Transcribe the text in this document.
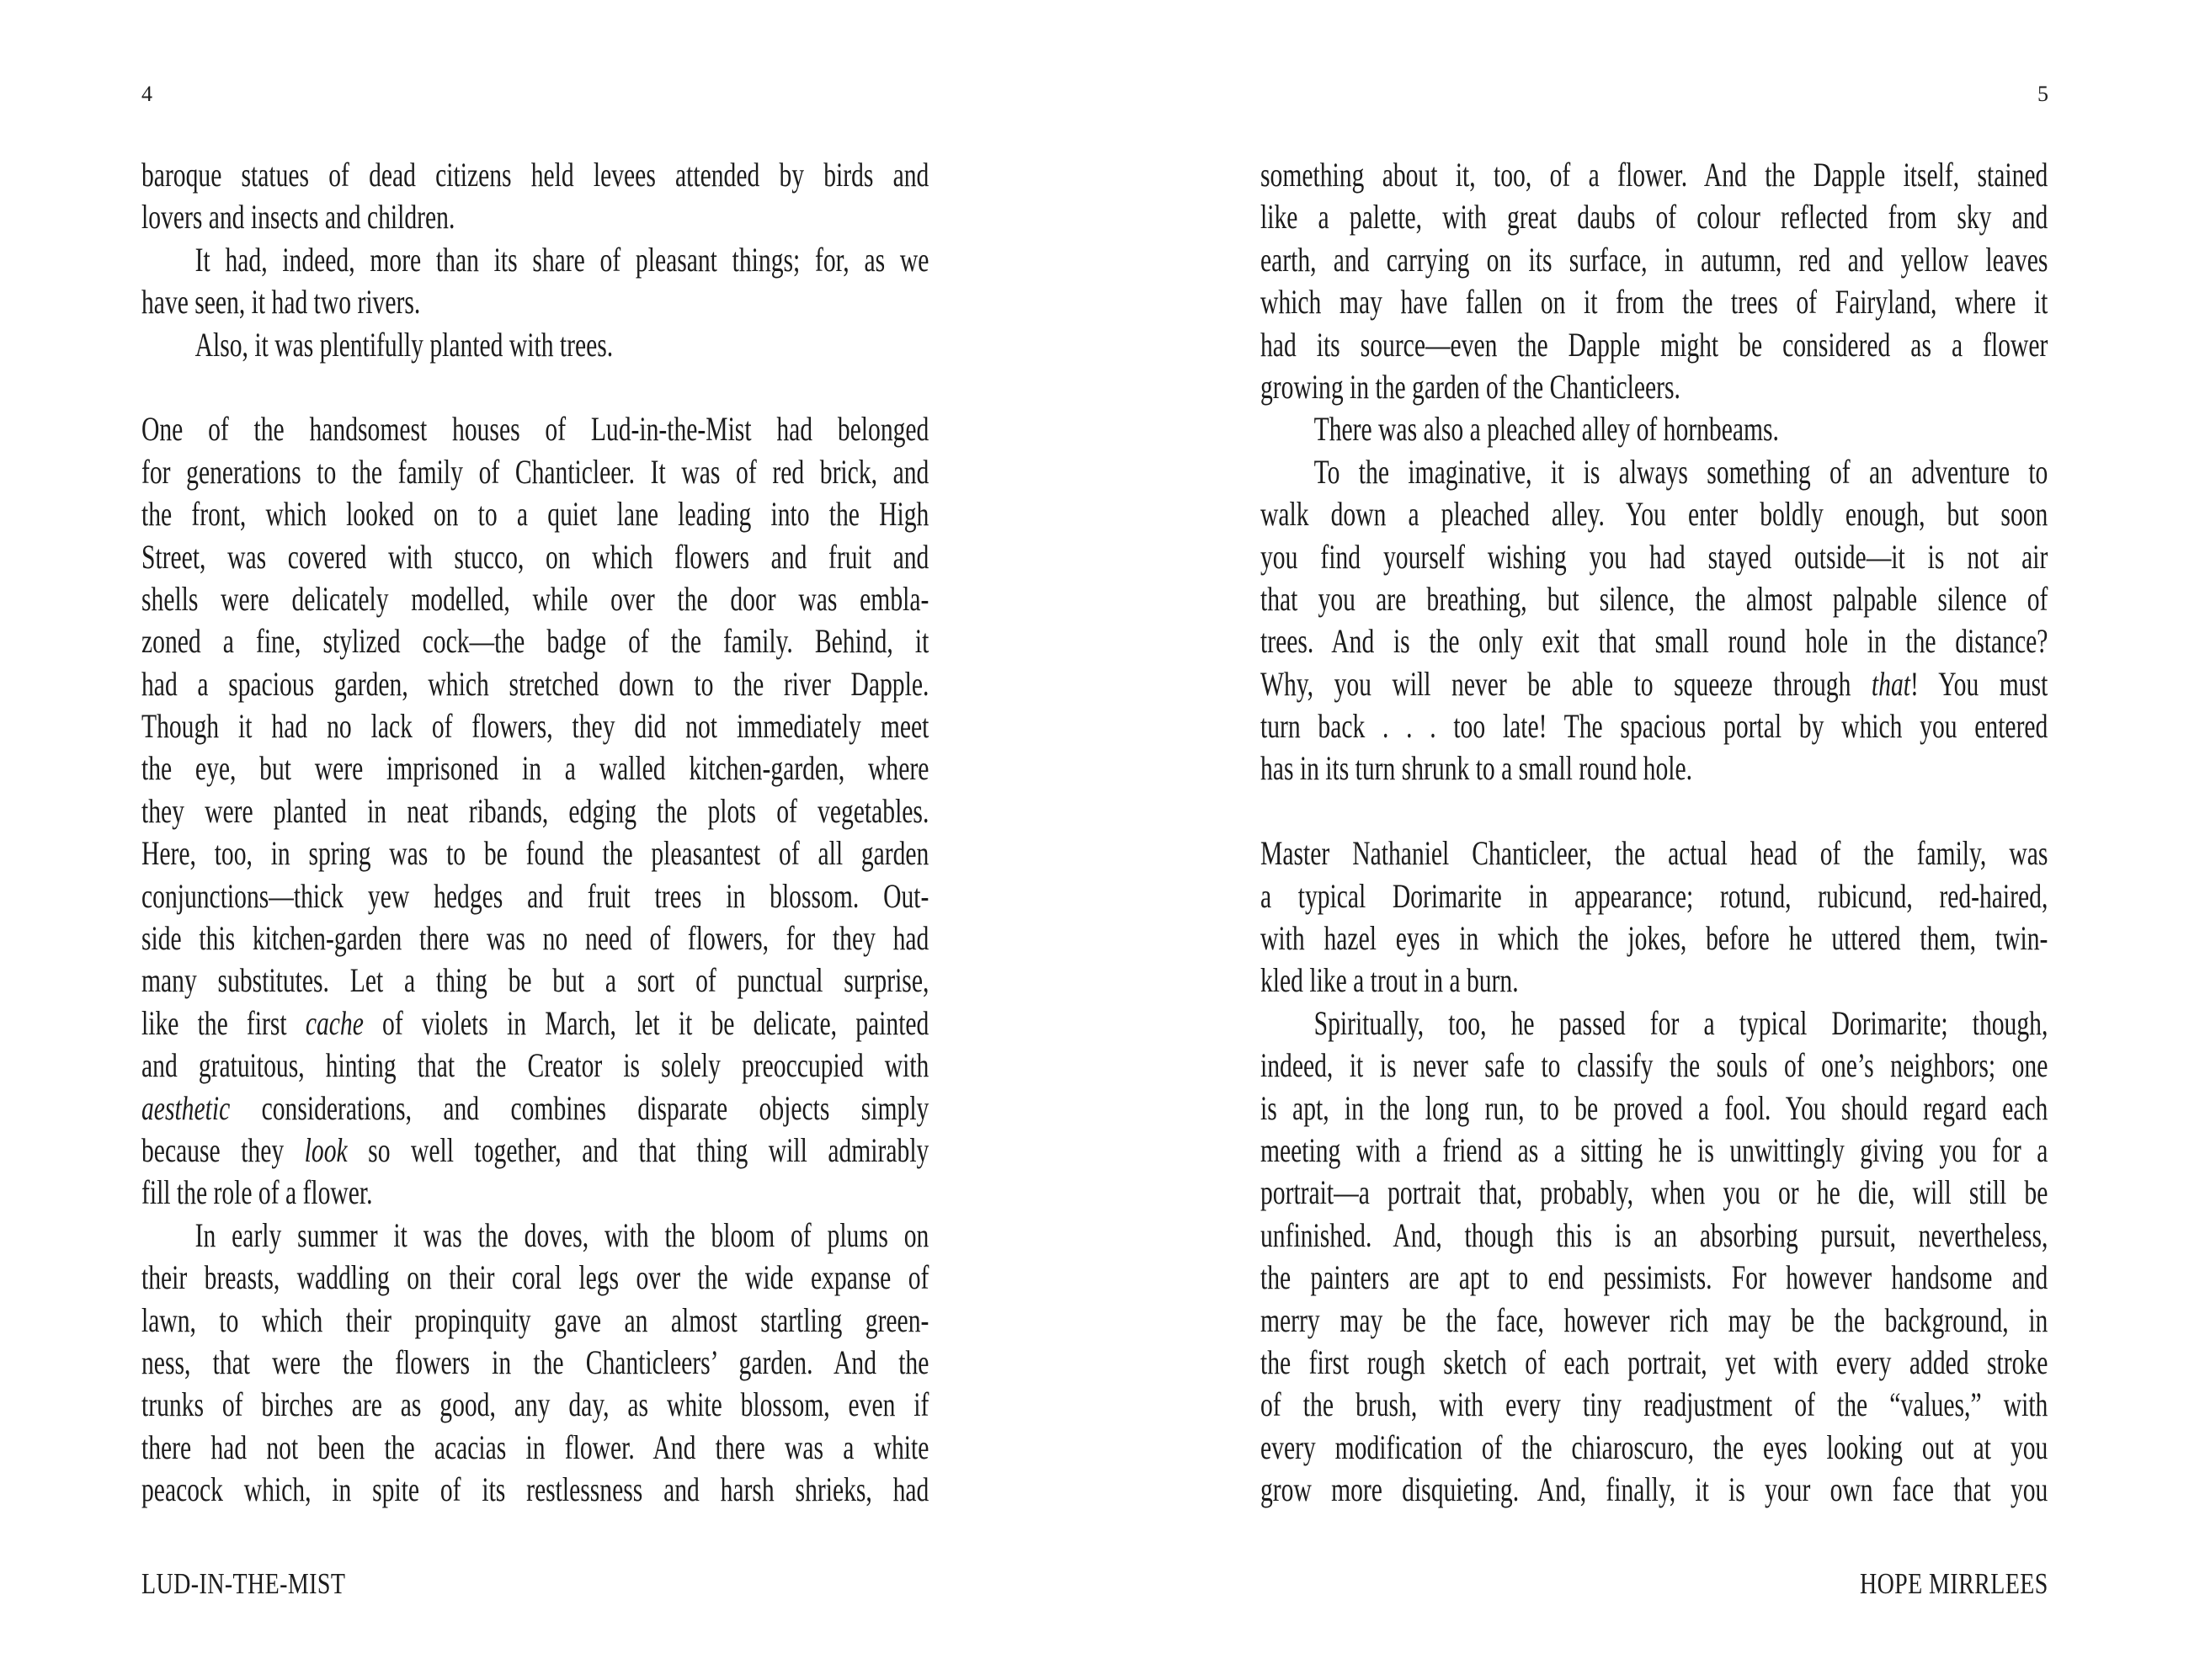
4	5
baroque statues of dead citizens held levees attended by birds and
lovers and insects and children.
It had, indeed, more than its share of pleasant things; for, as we
have seen, it had two rivers.
Also, it was plentifully planted with trees.
One of the handsomest houses of Lud-in-the-Mist had belonged
for generations to the family of Chanticleer. It was of red brick, and
the front, which looked on to a quiet lane leading into the High
Street, was covered with stucco, on which flowers and fruit and
shells were delicately modelled, while over the door was embla-
zoned a fine, stylized cock—the badge of the family. Behind, it
had a spacious garden, which stretched down to the river Dapple.
Though it had no lack of flowers, they did not immediately meet
the eye, but were imprisoned in a walled kitchen-garden, where
they were planted in neat ribands, edging the plots of vegetables.
Here, too, in spring was to be found the pleasantest of all garden
conjunctions—thick yew hedges and fruit trees in blossom. Out-
side this kitchen-garden there was no need of flowers, for they had
many substitutes. Let a thing be but a sort of punctual surprise,
like the first cache of violets in March, let it be delicate, painted
and gratuitous, hinting that the Creator is solely preoccupied with
aesthetic considerations, and combines disparate objects simply
because they look so well together, and that thing will admirably
fill the role of a flower.
In early summer it was the doves, with the bloom of plums on
their breasts, waddling on their coral legs over the wide expanse of
lawn, to which their propinquity gave an almost startling green-
ness, that were the flowers in the Chanticleers’ garden. And the
trunks of birches are as good, any day, as white blossom, even if
there had not been the acacias in flower. And there was a white
peacock which, in spite of its restlessness and harsh shrieks, had
something about it, too, of a flower. And the Dapple itself, stained
like a palette, with great daubs of colour reflected from sky and
earth, and carrying on its surface, in autumn, red and yellow leaves
which may have fallen on it from the trees of Fairyland, where it
had its source—even the Dapple might be considered as a flower
growing in the garden of the Chanticleers.
There was also a pleached alley of hornbeams.
To the imaginative, it is always something of an adventure to
walk down a pleached alley. You enter boldly enough, but soon
you find yourself wishing you had stayed outside—it is not air
that you are breathing, but silence, the almost palpable silence of
trees. And is the only exit that small round hole in the distance?
Why, you will never be able to squeeze through that! You must
turn back . . . too late! The spacious portal by which you entered
has in its turn shrunk to a small round hole.
Master Nathaniel Chanticleer, the actual head of the family, was
a typical Dorimarite in appearance; rotund, rubicund, red-haired,
with hazel eyes in which the jokes, before he uttered them, twin-
kled like a trout in a burn.
Spiritually, too, he passed for a typical Dorimarite; though,
indeed, it is never safe to classify the souls of one’s neighbors; one
is apt, in the long run, to be proved a fool. You should regard each
meeting with a friend as a sitting he is unwittingly giving you for a
portrait—a portrait that, probably, when you or he die, will still be
unfinished. And, though this is an absorbing pursuit, nevertheless,
the painters are apt to end pessimists. For however handsome and
merry may be the face, however rich may be the background, in
the first rough sketch of each portrait, yet with every added stroke
of the brush, with every tiny readjustment of the “values,” with
every modification of the chiaroscuro, the eyes looking out at you
grow more disquieting. And, finally, it is your own face that you
LUD-IN-THE-MIST	HOPE MIRRLEES
